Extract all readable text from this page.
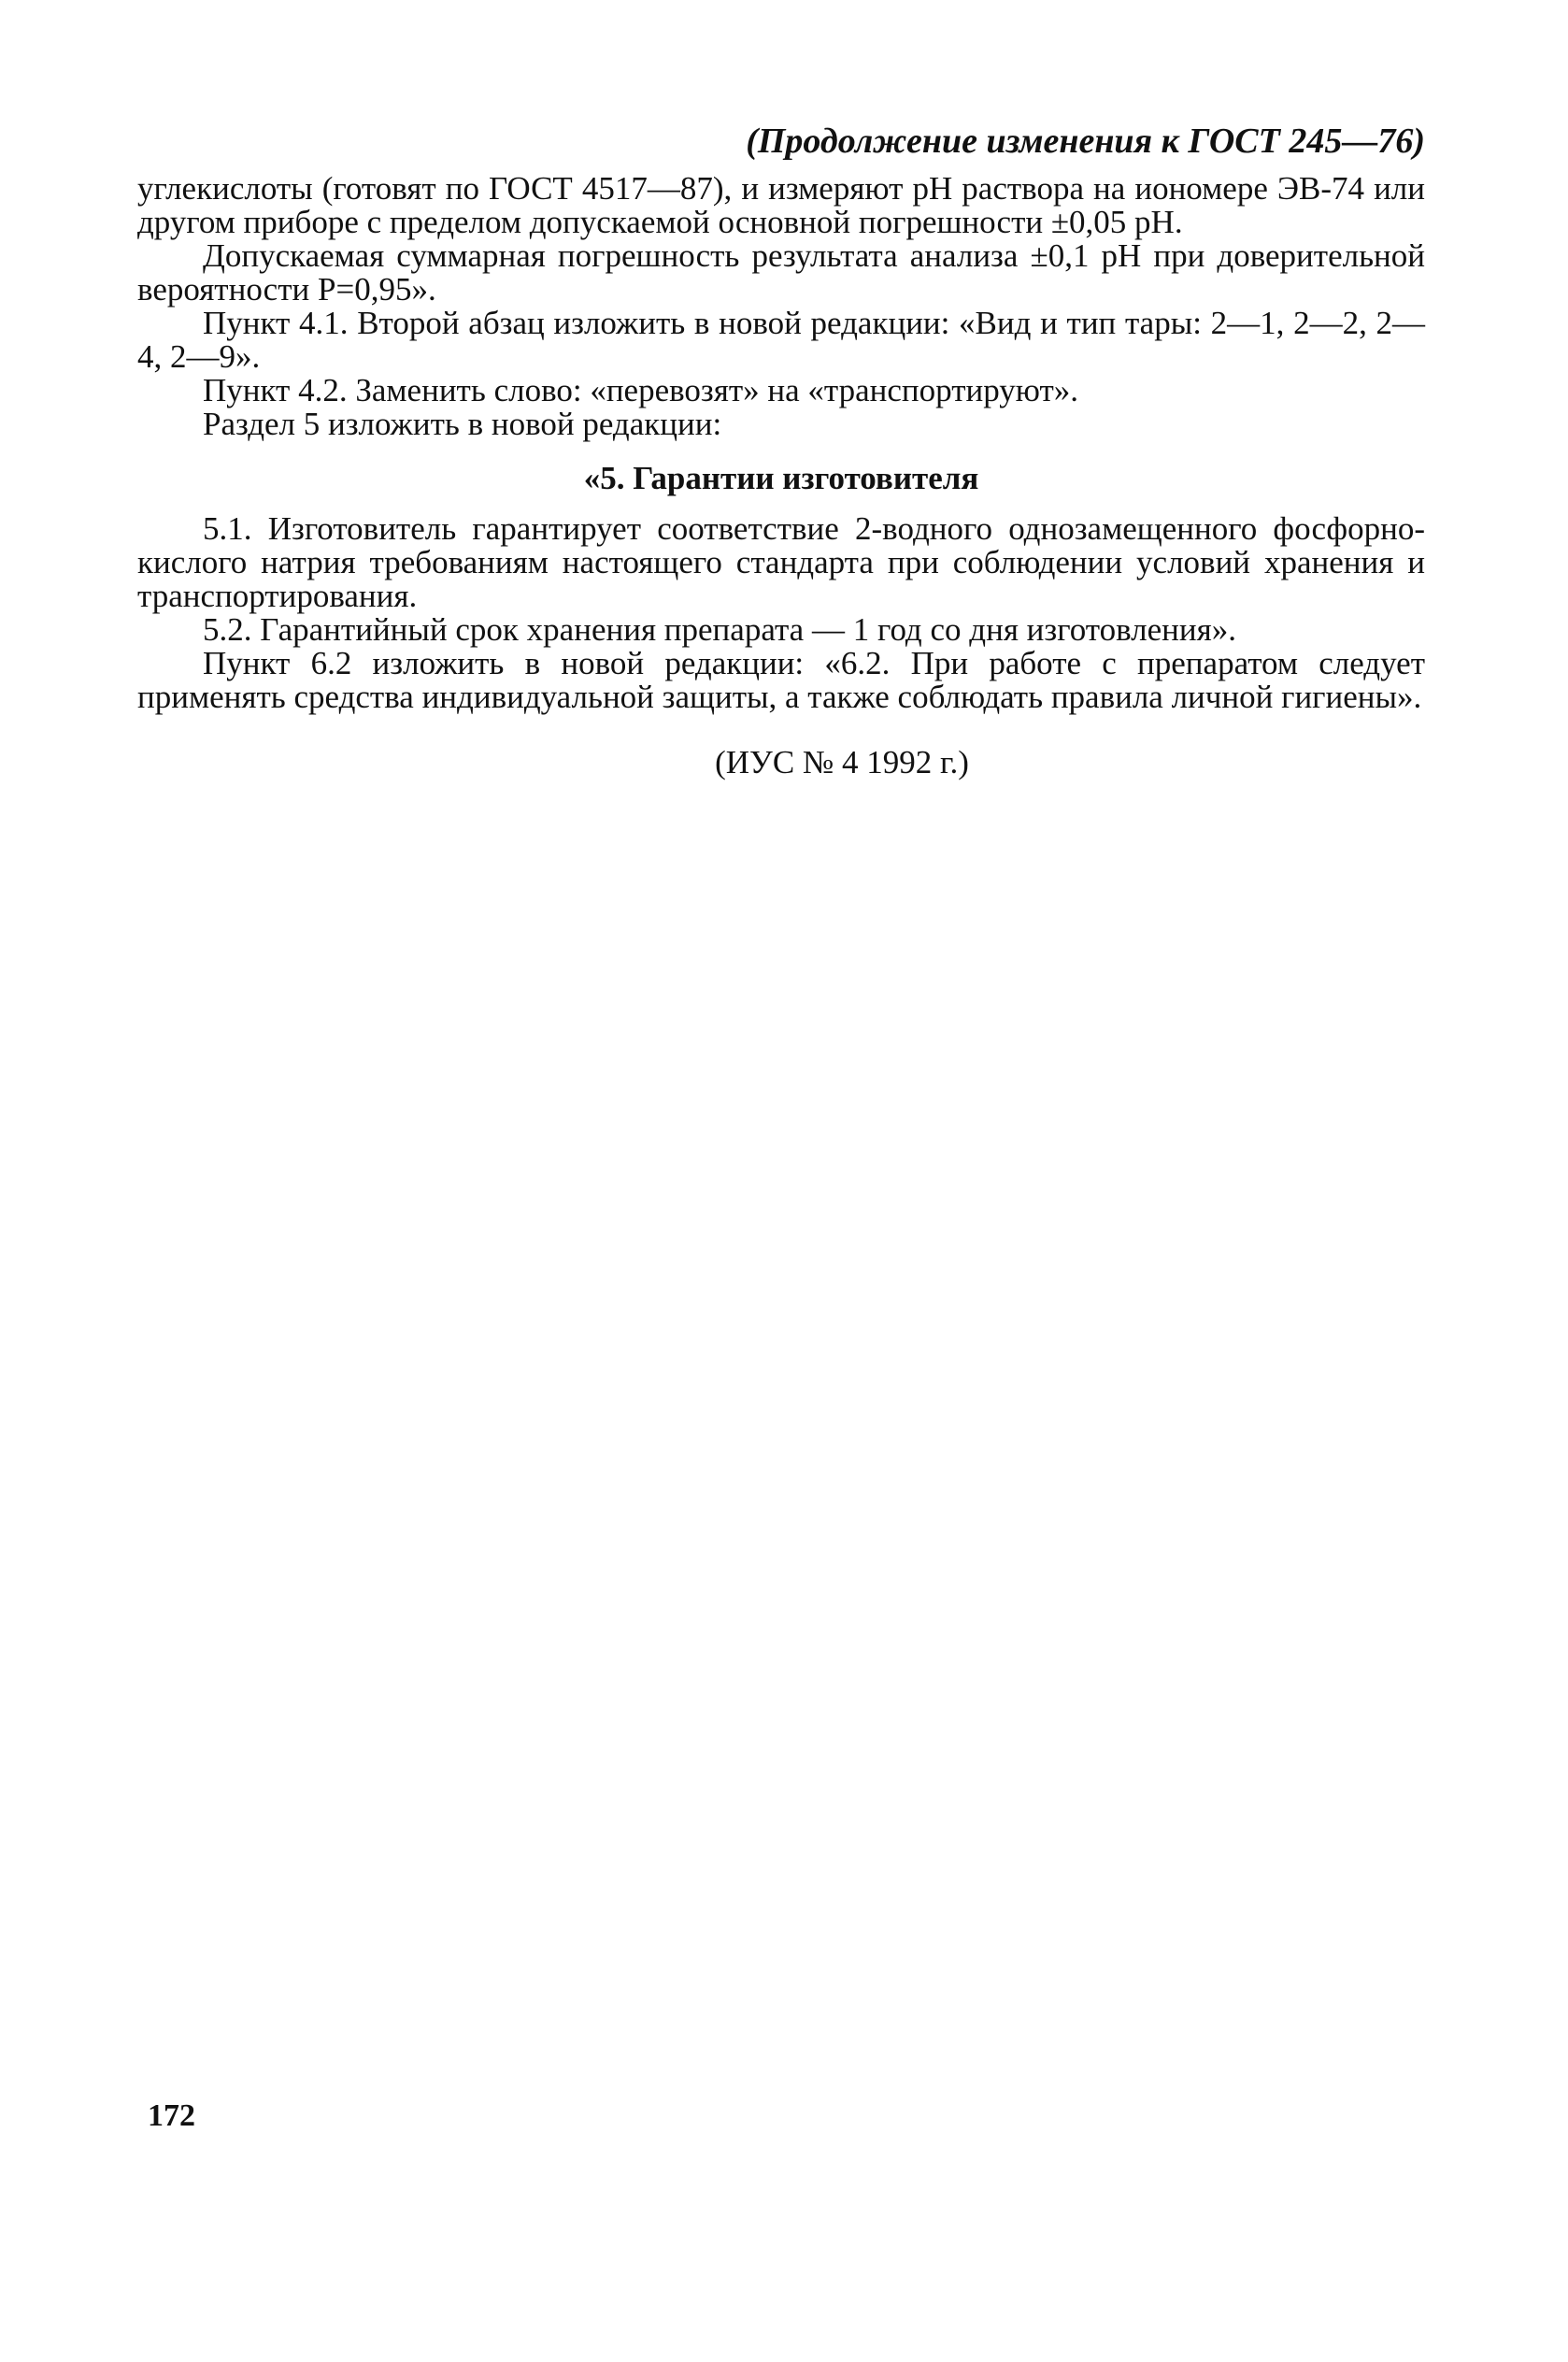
(Продолжение изменения к ГОСТ 245—76)

углекислоты (готовят по ГОСТ 4517—87), и измеряют pH раствора на иономере ЭВ-74 или другом приборе с пределом допускаемой основной погрешности ±0,05 pH.

Допускаемая суммарная погрешность результата анализа ±0,1 pH при доверительной вероятности P=0,95».

Пункт 4.1. Второй абзац изложить в новой редакции: «Вид и тип тары: 2—1, 2—2, 2—4, 2—9».

Пункт 4.2. Заменить слово: «перевозят» на «транспортируют».

Раздел 5 изложить в новой редакции:

«5. Гарантии изготовителя

5.1. Изготовитель гарантирует соответствие 2-водного однозамещенного фосфорно-кислого натрия требованиям настоящего стандарта при соблюдении условий хранения и транспортирования.

5.2. Гарантийный срок хранения препарата — 1 год со дня изготовления».

Пункт 6.2 изложить в новой редакции: «6.2. При работе с препаратом следует применять средства индивидуальной защиты, а также соблюдать правила личной гигиены».

(ИУС № 4 1992 г.)

172
